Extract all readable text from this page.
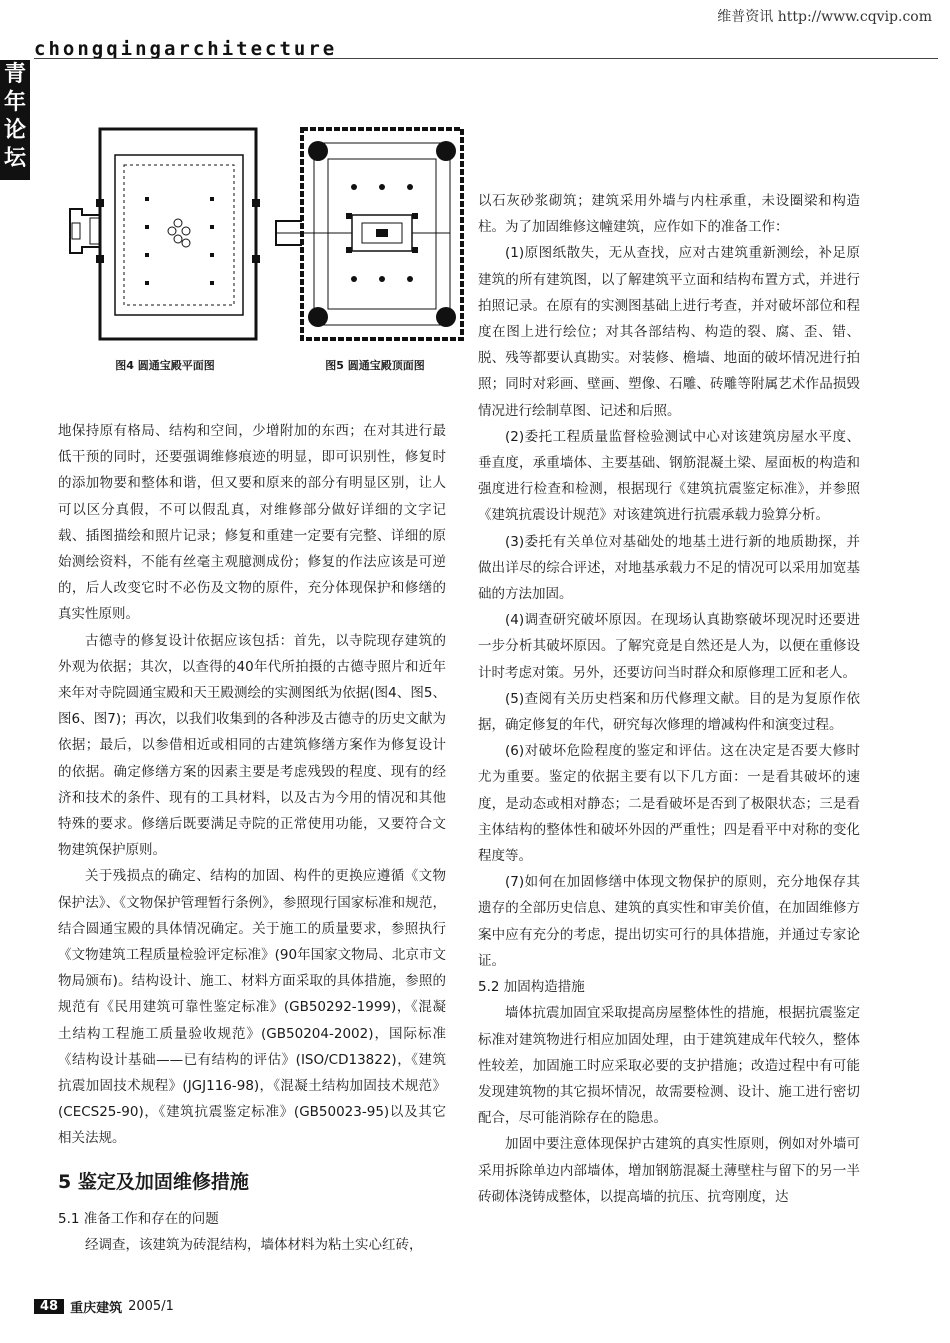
维普资讯 http://www.cqvip.com
chongqingarchitecture
青
年
论
坛
图4 圆通宝殿平面图	图5 圆通宝殿顶面图

地保持原有格局、结构和空间，少增附加的东西；在对其进行最低干预的同时，还要强调维修痕迹的明显，即可识别性，修复时的添加物要和整体和谐，但又要和原来的部分有明显区别，让人可以区分真假，不可以假乱真，对维修部分做好详细的文字记载、插图描绘和照片记录；修复和重建一定要有完整、详细的原始测绘资料，不能有丝毫主观臆测成份；修复的作法应该是可逆的，后人改变它时不必伤及文物的原件，充分体现保护和修缮的真实性原则。

古德寺的修复设计依据应该包括：首先，以寺院现存建筑的外观为依据；其次，以查得的40年代所拍摄的古德寺照片和近年来年对寺院圆通宝殿和天王殿测绘的实测图纸为依据(图4、图5、图6、图7)；再次，以我们收集到的各种涉及古德寺的历史文献为依据；最后，以参借相近或相同的古建筑修缮方案作为修复设计的依据。确定修缮方案的因素主要是考虑残毁的程度、现有的经济和技术的条件、现有的工具材料，以及古为今用的情况和其他特殊的要求。修缮后既要满足寺院的正常使用功能，又要符合文物建筑保护原则。

关于残损点的确定、结构的加固、构件的更换应遵循《文物保护法》、《文物保护管理暂行条例》，参照现行国家标准和规范，结合圆通宝殿的具体情况确定。关于施工的质量要求，参照执行《文物建筑工程质量检验评定标准》(90年国家文物局、北京市文物局颁布)。结构设计、施工、材料方面采取的具体措施，参照的规范有《民用建筑可靠性鉴定标准》(GB50292-1999)，《混凝土结构工程施工质量验收规范》(GB50204-2002)，国际标准《结构设计基础——已有结构的评估》(ISO/CD13822)，《建筑抗震加固技术规程》(JGJ116-98)，《混凝土结构加固技术规范》(CECS25-90)，《建筑抗震鉴定标准》(GB50023-95)以及其它相关法规。

5 鉴定及加固维修措施

5.1 准备工作和存在的问题

经调查，该建筑为砖混结构，墙体材料为粘土实心红砖，

以石灰砂浆砌筑；建筑采用外墙与内柱承重，未设圈梁和构造柱。为了加固维修这幢建筑，应作如下的准备工作：

(1)原图纸散失，无从查找，应对古建筑重新测绘，补足原建筑的所有建筑图，以了解建筑平立面和结构布置方式，并进行拍照记录。在原有的实测图基础上进行考查，并对破坏部位和程度在图上进行绘位；对其各部结构、构造的裂、腐、歪、错、脱、残等都要认真勘实。对装修、檐墙、地面的破坏情况进行拍照；同时对彩画、壁画、塑像、石雕、砖雕等附属艺术作品损毁情况进行绘制草图、记述和后照。

(2)委托工程质量监督检验测试中心对该建筑房屋水平度、垂直度，承重墙体、主要基础、钢筋混凝土梁、屋面板的构造和强度进行检查和检测，根据现行《建筑抗震鉴定标准》，并参照《建筑抗震设计规范》对该建筑进行抗震承载力验算分析。

(3)委托有关单位对基础处的地基土进行新的地质勘探，并做出详尽的综合评述，对地基承载力不足的情况可以采用加宽基础的方法加固。

(4)调查研究破坏原因。在现场认真勘察破坏现况时还要进一步分析其破坏原因。了解究竟是自然还是人为，以便在重修设计时考虑对策。另外，还要访问当时群众和原修理工匠和老人。

(5)查阅有关历史档案和历代修理文献。目的是为复原作依据，确定修复的年代，研究每次修理的增减构件和演变过程。

(6)对破坏危险程度的鉴定和评估。这在决定是否要大修时尤为重要。鉴定的依据主要有以下几方面：一是看其破坏的速度，是动态或相对静态；二是看破坏是否到了极限状态；三是看主体结构的整体性和破坏外因的严重性；四是看平中对称的变化程度等。

(7)如何在加固修缮中体现文物保护的原则，充分地保存其遗存的全部历史信息、建筑的真实性和审美价值，在加固维修方案中应有充分的考虑，提出切实可行的具体措施，并通过专家论证。

5.2 加固构造措施

墙体抗震加固宜采取提高房屋整体性的措施，根据抗震鉴定标准对建筑物进行相应加固处理，由于建筑建成年代较久，整体性较差，加固施工时应采取必要的支护措施；改造过程中有可能发现建筑物的其它损坏情况，故需要检测、设计、施工进行密切配合，尽可能消除存在的隐患。

加固中要注意体现保护古建筑的真实性原则，例如对外墙可采用拆除单边内部墙体，增加钢筋混凝土薄壁柱与留下的另一半砖砌体浇铸成整体，以提高墙的抗压、抗弯刚度，达

48 重庆建筑 2005/1
